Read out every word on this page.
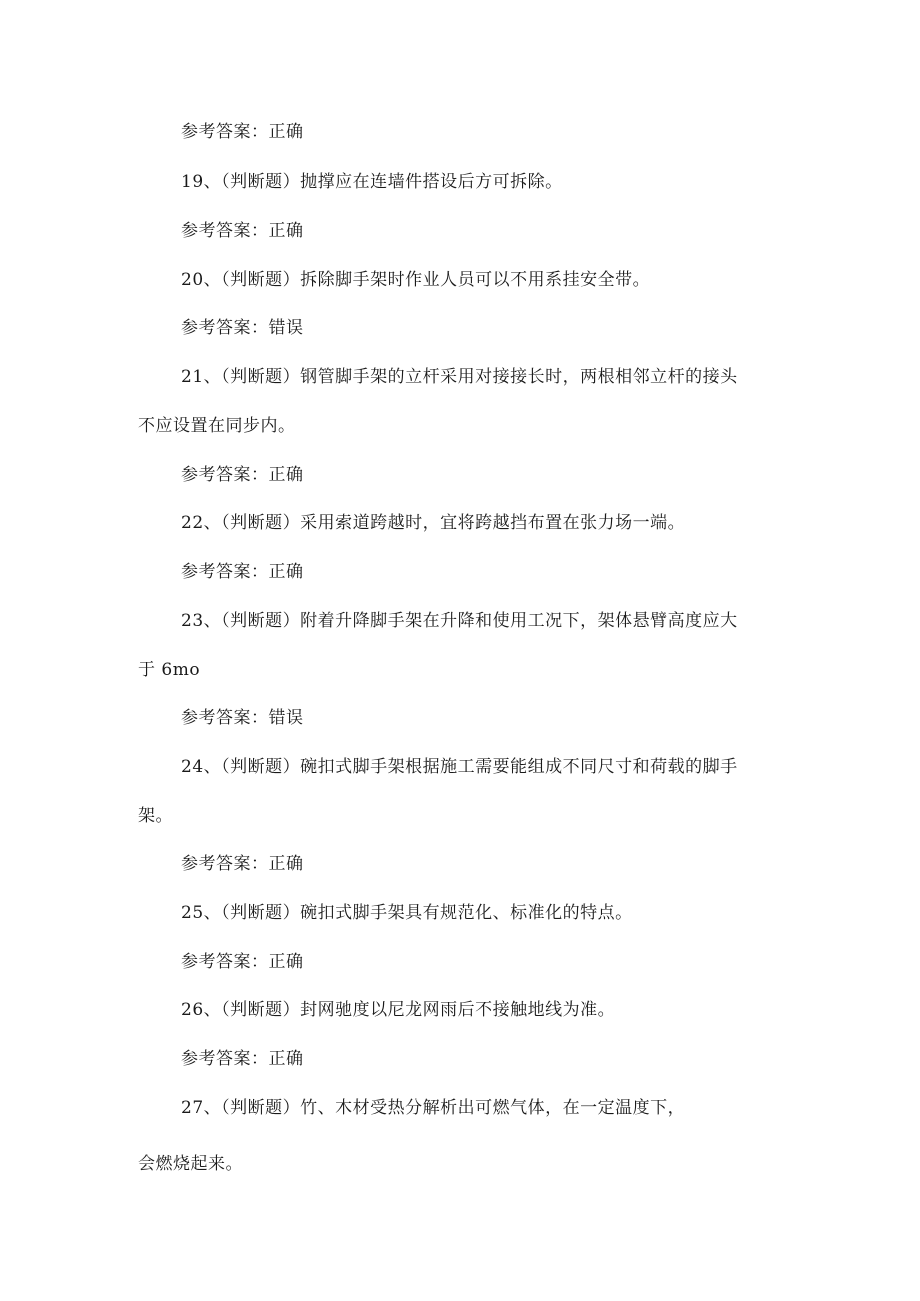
参考答案：正确
19、（判断题）抛撑应在连墙件搭设后方可拆除。
参考答案：正确
20、（判断题）拆除脚手架时作业人员可以不用系挂安全带。
参考答案：错误
21、（判断题）钢管脚手架的立杆采用对接接长时，两根相邻立杆的接头
不应设置在同步内。
参考答案：正确
22、（判断题）采用索道跨越时，宜将跨越挡布置在张力场一端。
参考答案：正确
23、（判断题）附着升降脚手架在升降和使用工况下，架体悬臂高度应大
于 6mo
参考答案：错误
24、（判断题）碗扣式脚手架根据施工需要能组成不同尺寸和荷载的脚手
架。
参考答案：正确
25、（判断题）碗扣式脚手架具有规范化、标准化的特点。
参考答案：正确
26、（判断题）封网驰度以尼龙网雨后不接触地线为准。
参考答案：正确
27、（判断题）竹、木材受热分解析出可燃气体，在一定温度下，
会燃烧起来。
